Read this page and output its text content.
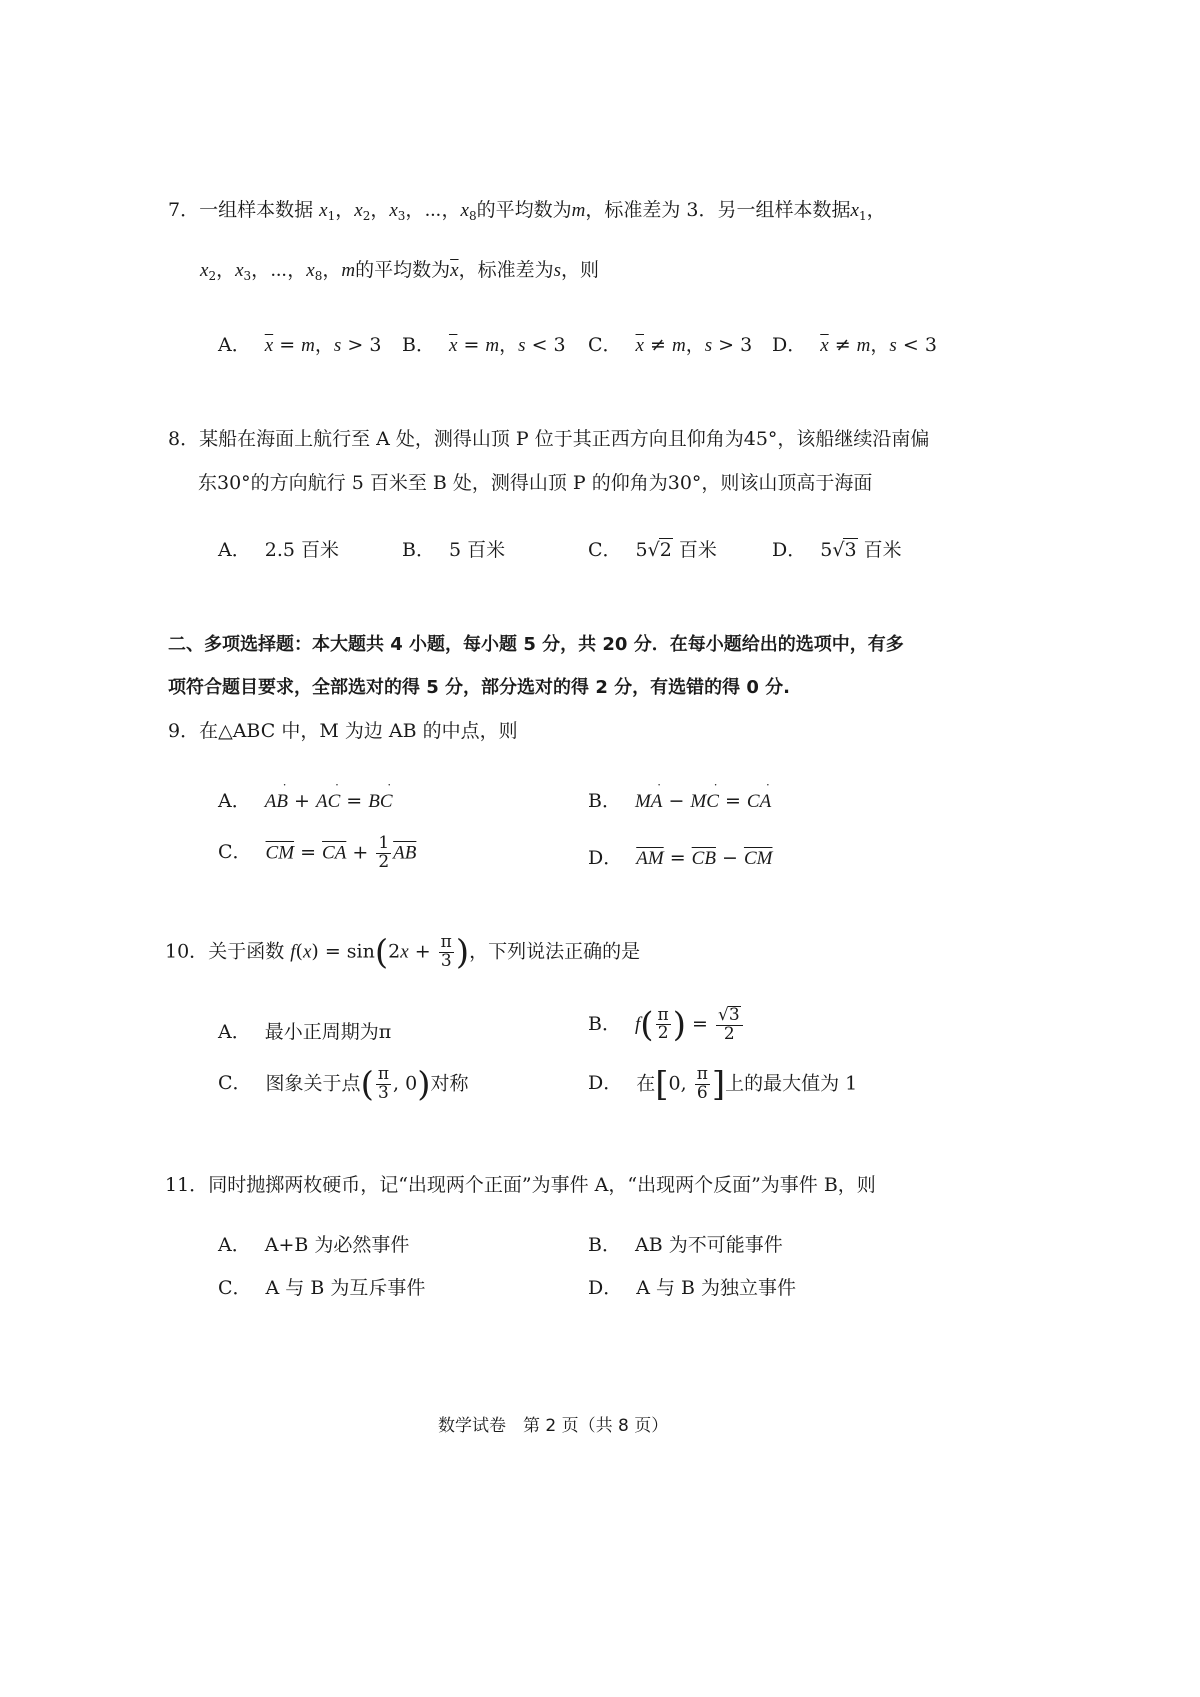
7．一组样本数据 $x_1$，$x_2$，$x_3$，⋯，$x_8$的平均数为m，标准差为 3．另一组样本数据$x_1$，
$x_2$，$x_3$，⋯，$x_8$，m的平均数为$\overline{x}$，标准差为s，则
A． $\overline{x} = m$，s > 3 B． $\overline{x} = m$，s < 3 C． $\overline{x} \ne m$，s > 3 D． $\overline{x} \ne m$，s < 3
8．某船在海面上航行至 A 处，测得山顶 P 位于其正西方向且仰角为45°，该船继续沿南偏
东30°的方向航行 5 百米至 B 处，测得山顶 P 的仰角为30°，则该山顶高于海面
A． 2.5 百米	B． 5 百米	C． 5√2 百米	D． 5√3 百米
二、多项选择题：本大题共 4 小题，每小题 5 分，共 20 分．在每小题给出的选项中，有多
项符合题目要求，全部选对的得 5 分，部分选对的得 2 分，有选错的得 0 分.
9．在△ABC 中，M 为边 AB 的中点，则
A． AB ˙ + AC ˙ = BC ˙	B． MA ˙ − MC ˙ = CA ˙
C． $\overline{CM} = \overline{CA} + \frac{1}{2} \overline{AB}$	D． $\overline{AM} = \overline{CB} - \overline{CM}$
10．关于函数 $f(x) = \sin(2x + \frac{\pi}{3}$ )，下列说法正确的是
A． 最小正周期为π	B． $f( \frac{\pi}{2}$ ) = $\frac{√3}{2}$
C． 图象关于点( $\frac{\pi}{3}$ , 0)对称	D． 在[0, $\frac{\pi}{6}$ ]上的最大值为 1
11．同时抛掷两枚硬币，记“出现两个正面”为事件 A，“出现两个反面”为事件 B，则
A． A+B 为必然事件	B． AB 为不可能事件
C． A 与 B 为互斥事件	D． A 与 B 为独立事件
数学试卷　第 2 页（共 8 页）
